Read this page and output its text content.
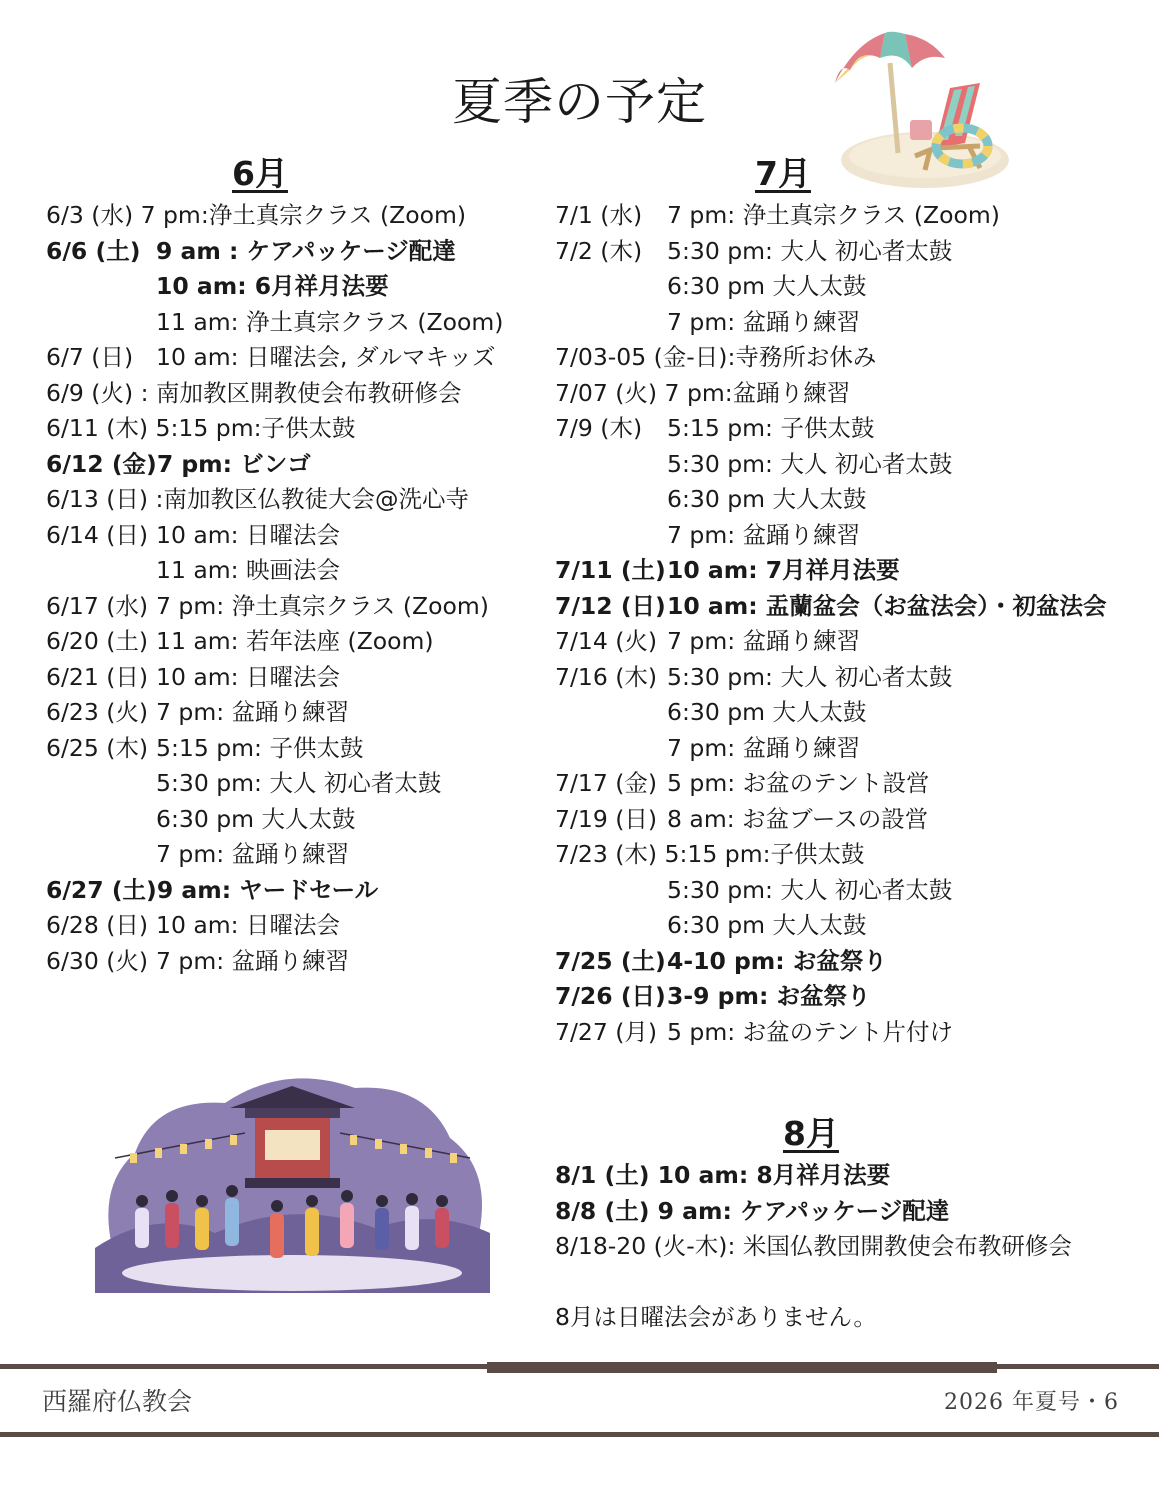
夏季の予定
6月	7月
6/3 (水) 7 pm:浄土真宗クラス (Zoom)
6/6 (土)9 am : ケアパッケージ配達
10 am: 6月祥月法要
11 am: 浄土真宗クラス (Zoom)
6/7 (日)10 am: 日曜法会, ダルマキッズ
6/9 (火) :南加教区開教使会布教研修会
6/11 (木) 5:15 pm:子供太鼓
6/12 (金)7 pm: ビンゴ
6/13 (日) :南加教区仏教徒大会@洗心寺
6/14 (日)10 am: 日曜法会
11 am: 映画法会
6/17 (水)7 pm: 浄土真宗クラス (Zoom)
6/20 (土)11 am: 若年法座 (Zoom)
6/21 (日)10 am: 日曜法会
6/23 (火)7 pm: 盆踊り練習
6/25 (木)5:15 pm: 子供太鼓
5:30 pm: 大人 初心者太鼓
6:30 pm 大人太鼓
7 pm: 盆踊り練習
6/27 (土)9 am: ヤードセール
6/28 (日)10 am: 日曜法会
6/30 (火)7 pm: 盆踊り練習
7/1 (水)7 pm: 浄土真宗クラス (Zoom)
7/2 (木)5:30 pm: 大人 初心者太鼓
6:30 pm 大人太鼓
7 pm: 盆踊り練習
7/03-05 (金-日):寺務所お休み
7/07 (火) 7 pm:盆踊り練習
7/9 (木)5:15 pm: 子供太鼓
5:30 pm: 大人 初心者太鼓
6:30 pm 大人太鼓
7 pm: 盆踊り練習
7/11 (土)10 am: 7月祥月法要
7/12 (日)10 am: 盂蘭盆会（お盆法会）・初盆法会
7/14 (火)7 pm: 盆踊り練習
7/16 (木)5:30 pm: 大人 初心者太鼓
6:30 pm 大人太鼓
7 pm: 盆踊り練習
7/17 (金)5 pm: お盆のテント設営
7/19 (日)8 am: お盆ブースの設営
7/23 (木) 5:15 pm:子供太鼓
5:30 pm: 大人 初心者太鼓
6:30 pm 大人太鼓
7/25 (土)4-10 pm: お盆祭り
7/26 (日)3-9 pm: お盆祭り
7/27 (月)5 pm: お盆のテント片付け
8月
8/1 (土) 10 am: 8月祥月法要
8/8 (土) 9 am: ケアパッケージ配達
8/18-20 (火-木): 米国仏教団開教使会布教研修会
8月は日曜法会がありません。
西羅府仏教会	2026 年夏号・6
